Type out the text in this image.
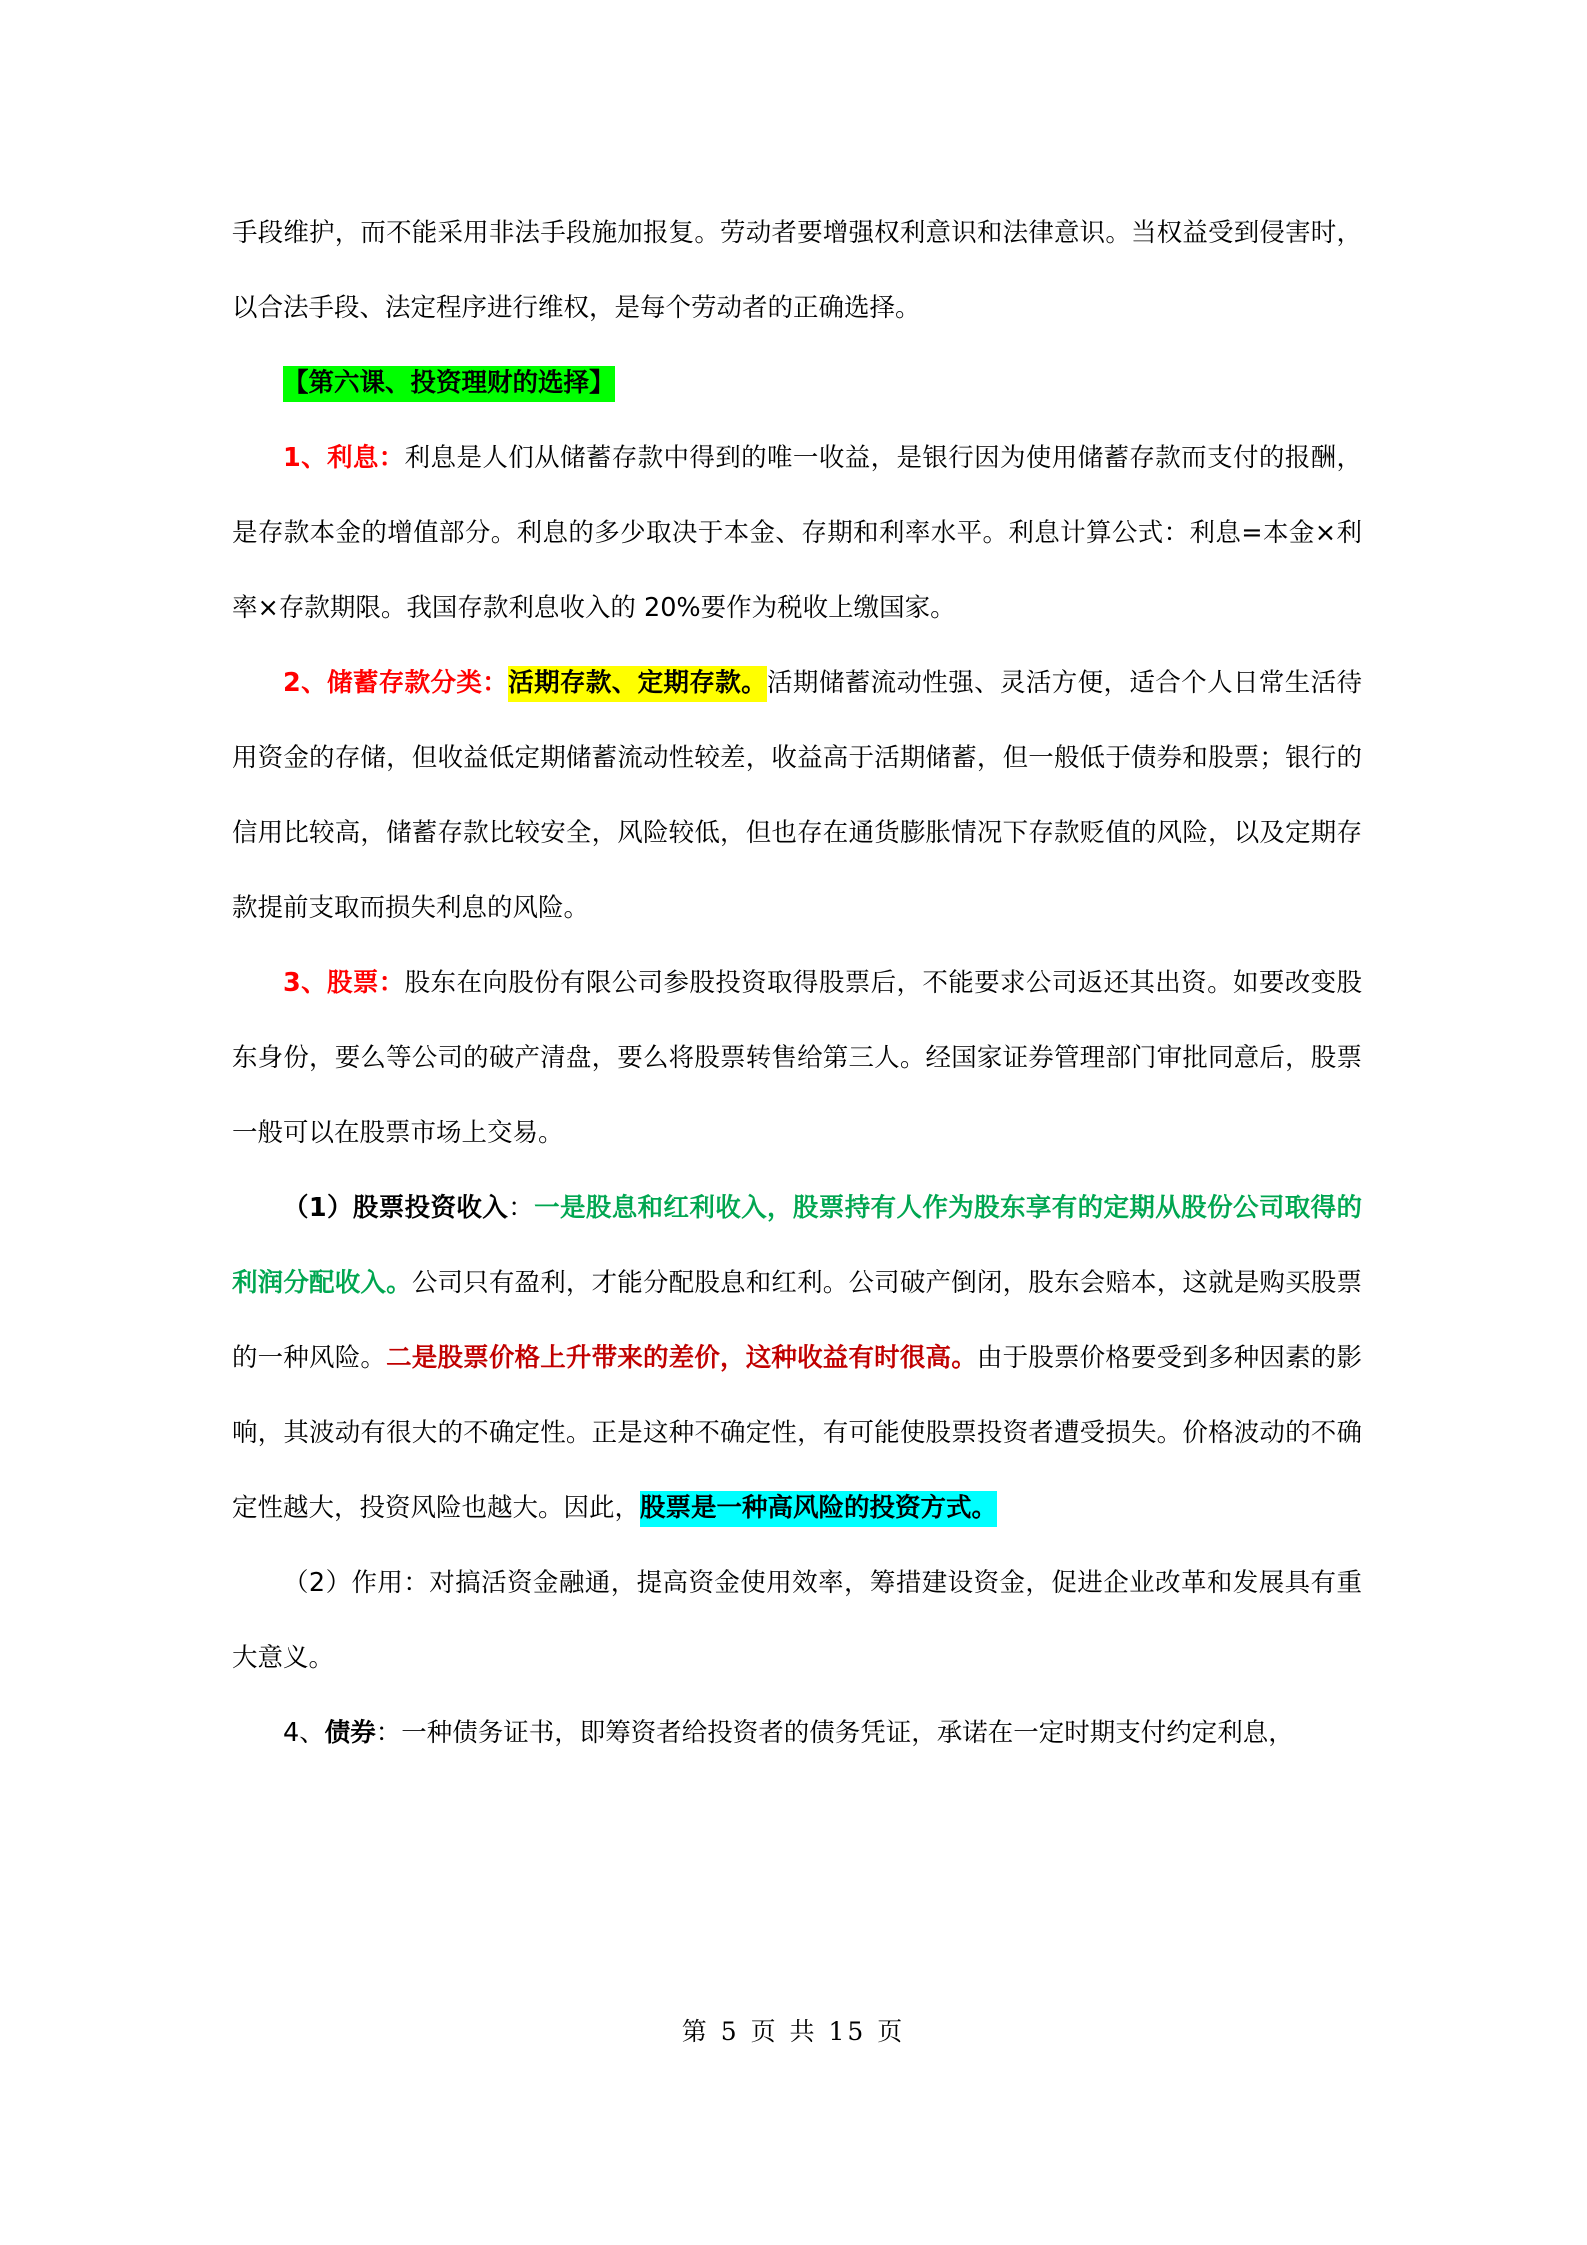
手段维护，而不能采用非法手段施加报复。劳动者要增强权利意识和法律意识。当权益受到侵害时，以合法手段、法定程序进行维权，是每个劳动者的正确选择。

【第六课、投资理财的选择】

1、利息：利息是人们从储蓄存款中得到的唯一收益，是银行因为使用储蓄存款而支付的报酬，是存款本金的增值部分。利息的多少取决于本金、存期和利率水平。利息计算公式：利息=本金×利率×存款期限。我国存款利息收入的 20%要作为税收上缴国家。

2、储蓄存款分类：活期存款、定期存款。活期储蓄流动性强、灵活方便，适合个人日常生活待用资金的存储，但收益低定期储蓄流动性较差，收益高于活期储蓄，但一般低于债券和股票；银行的信用比较高，储蓄存款比较安全，风险较低，但也存在通货膨胀情况下存款贬值的风险，以及定期存款提前支取而损失利息的风险。

3、股票：股东在向股份有限公司参股投资取得股票后，不能要求公司返还其出资。如要改变股东身份，要么等公司的破产清盘，要么将股票转售给第三人。经国家证券管理部门审批同意后，股票一般可以在股票市场上交易。

（1）股票投资收入：一是股息和红利收入，股票持有人作为股东享有的定期从股份公司取得的利润分配收入。公司只有盈利，才能分配股息和红利。公司破产倒闭，股东会赔本，这就是购买股票的一种风险。二是股票价格上升带来的差价，这种收益有时很高。由于股票价格要受到多种因素的影响，其波动有很大的不确定性。正是这种不确定性，有可能使股票投资者遭受损失。价格波动的不确定性越大，投资风险也越大。因此，股票是一种高风险的投资方式。

（2）作用：对搞活资金融通，提高资金使用效率，筹措建设资金，促进企业改革和发展具有重大意义。

4、债券：一种债务证书，即筹资者给投资者的债务凭证，承诺在一定时期支付约定利息，

第 5 页 共 15 页
